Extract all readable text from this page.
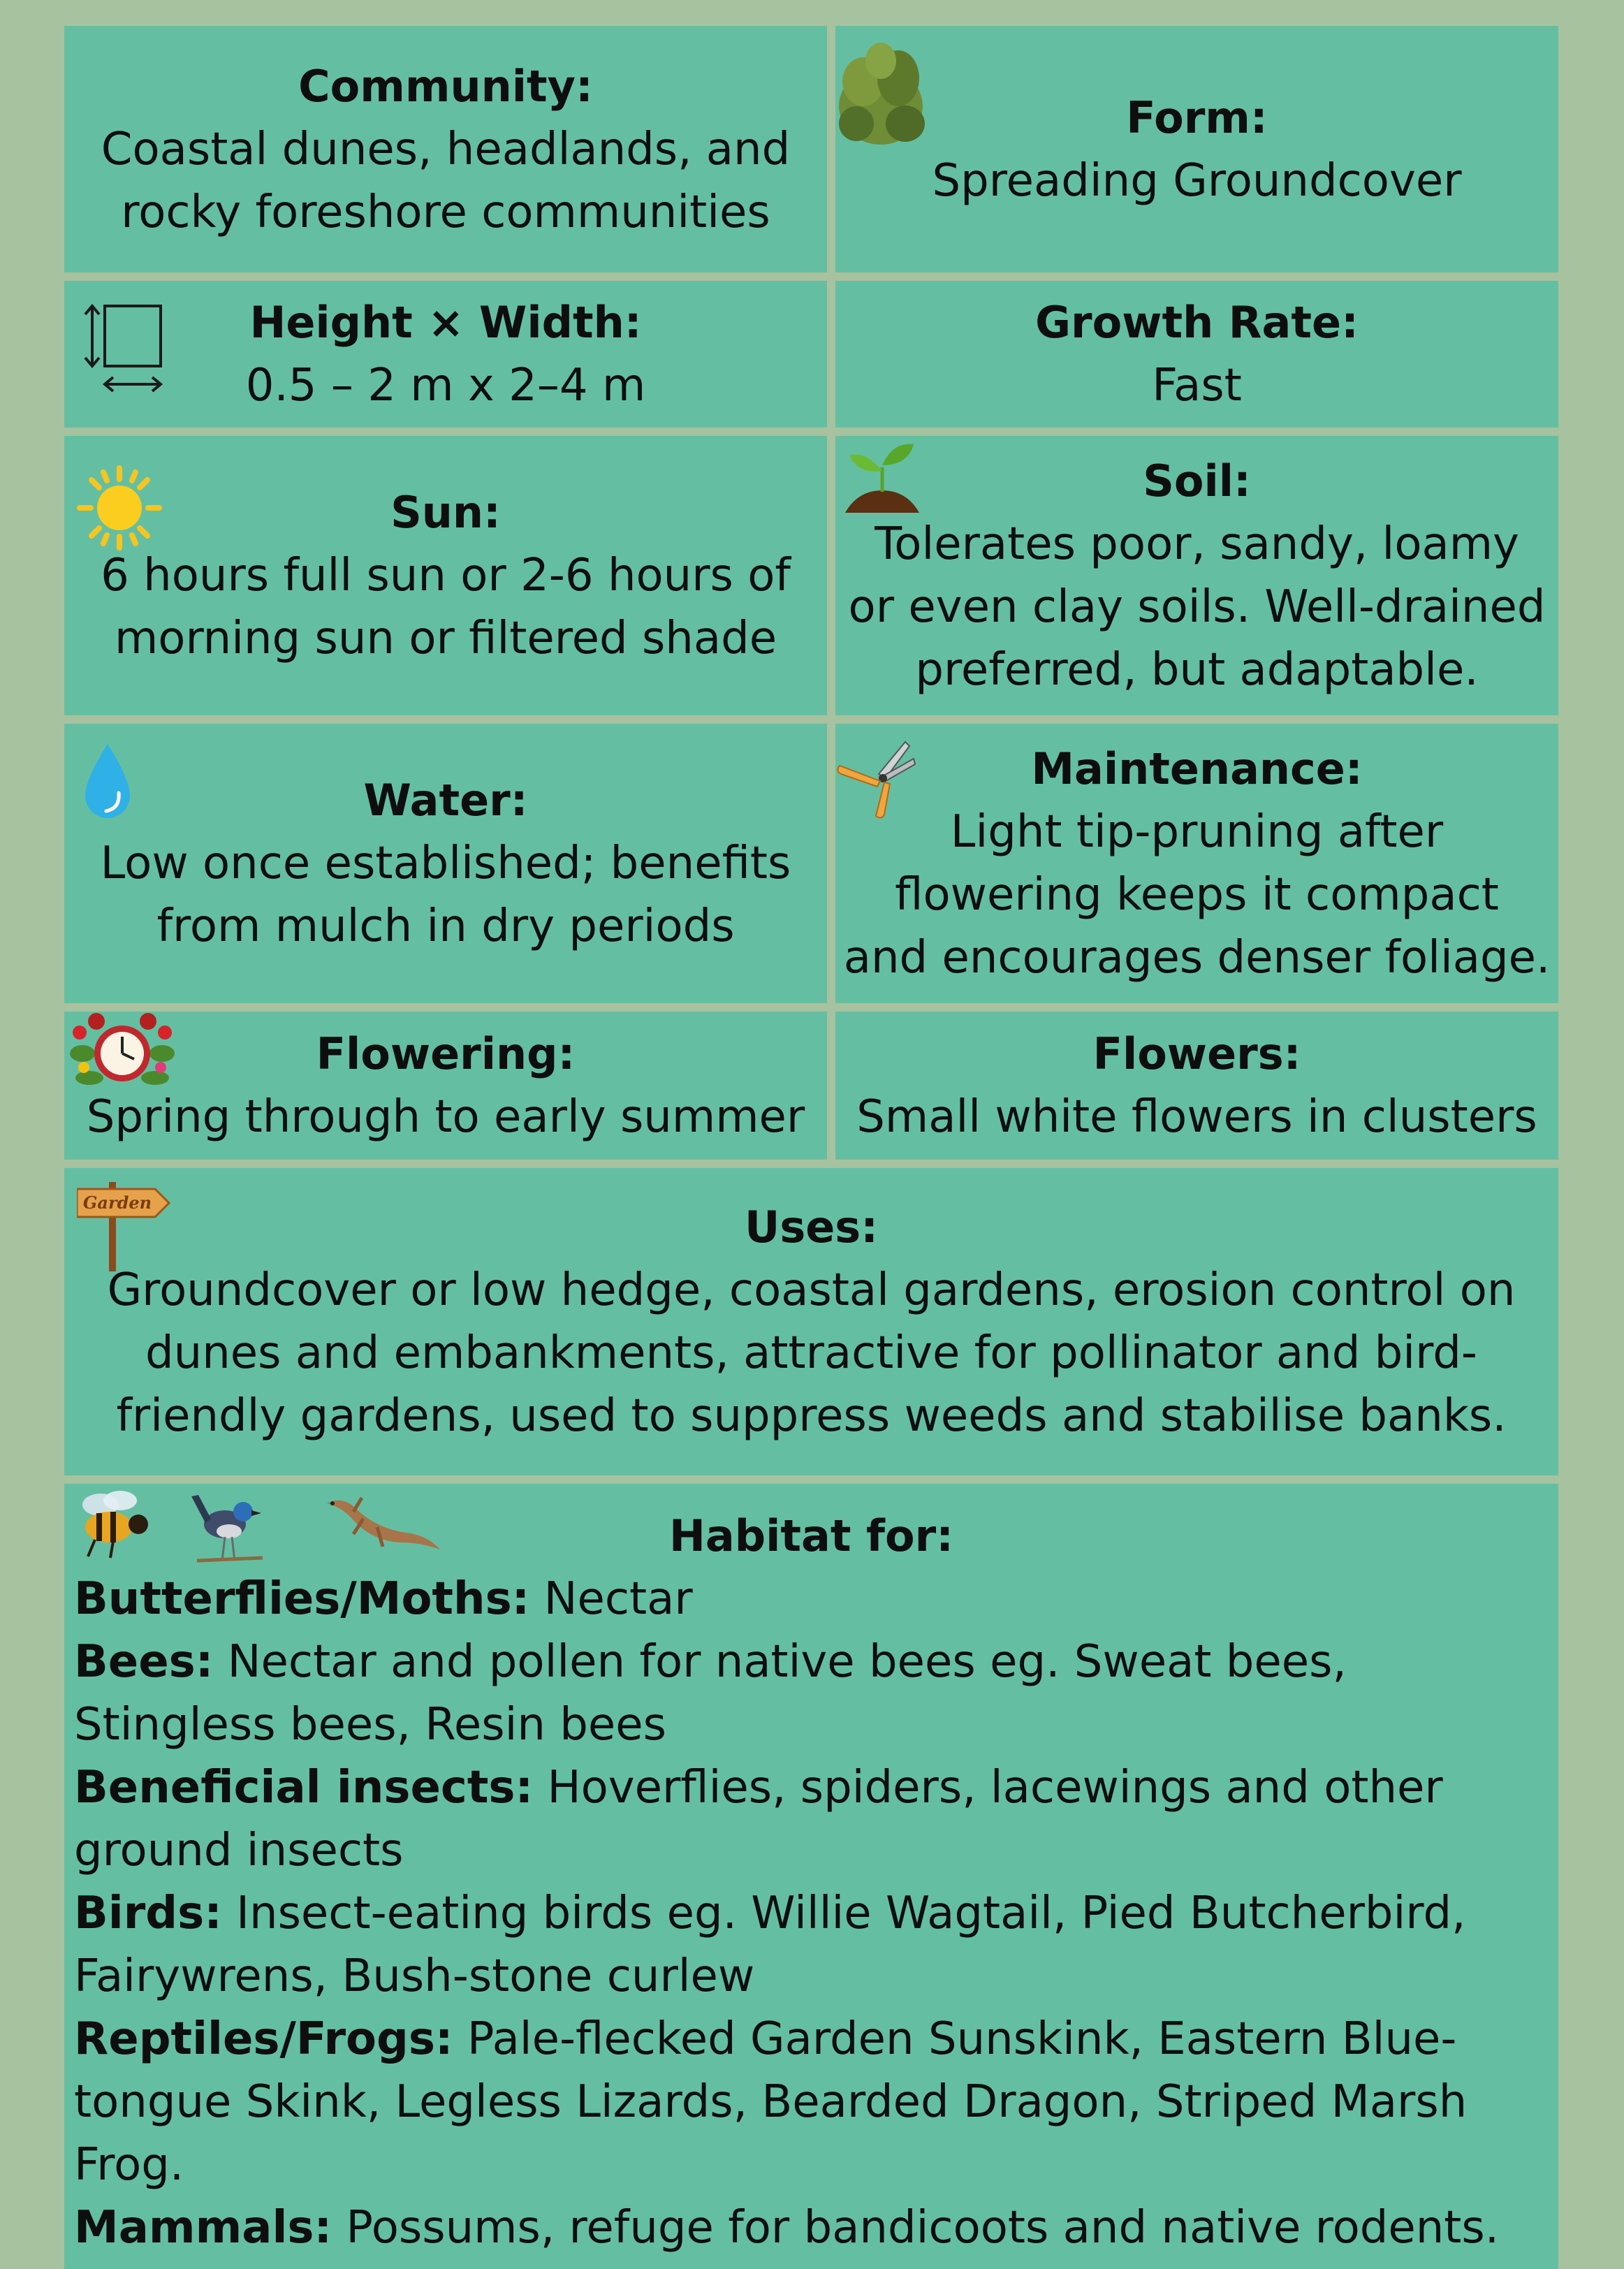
Community:
Coastal dunes, headlands, and
rocky foreshore communities
Form:
Spreading Groundcover
Height × Width:
0.5 – 2 m x 2–4 m
Growth Rate:
Fast
Sun:
6 hours full sun or 2-6 hours of
morning sun or filtered shade
Soil:
Tolerates poor, sandy, loamy
or even clay soils. Well-drained
preferred, but adaptable.
Water:
Low once established; benefits
from mulch in dry periods
Maintenance:
Light tip-pruning after
flowering keeps it compact
and encourages denser foliage.
Flowering:
Spring through to early summer
Flowers:
Small white flowers in clusters
Garden	Uses:
Groundcover or low hedge, coastal gardens, erosion control on
dunes and embankments, attractive for pollinator and bird-
friendly gardens, used to suppress weeds and stabilise banks.
Habitat for:

Butterflies/Moths: Nectar

Bees: Nectar and pollen for native bees eg. Sweat bees, Stingless bees, Resin bees

Beneficial insects: Hoverflies, spiders, lacewings and other ground insects

Birds: Insect-eating birds eg. Willie Wagtail, Pied Butcherbird, Fairywrens, Bush-stone curlew

Reptiles/Frogs: Pale-flecked Garden Sunskink, Eastern Blue-tongue Skink, Legless Lizards, Bearded Dragon, Striped Marsh Frog.

Mammals: Possums, refuge for bandicoots and native rodents.
